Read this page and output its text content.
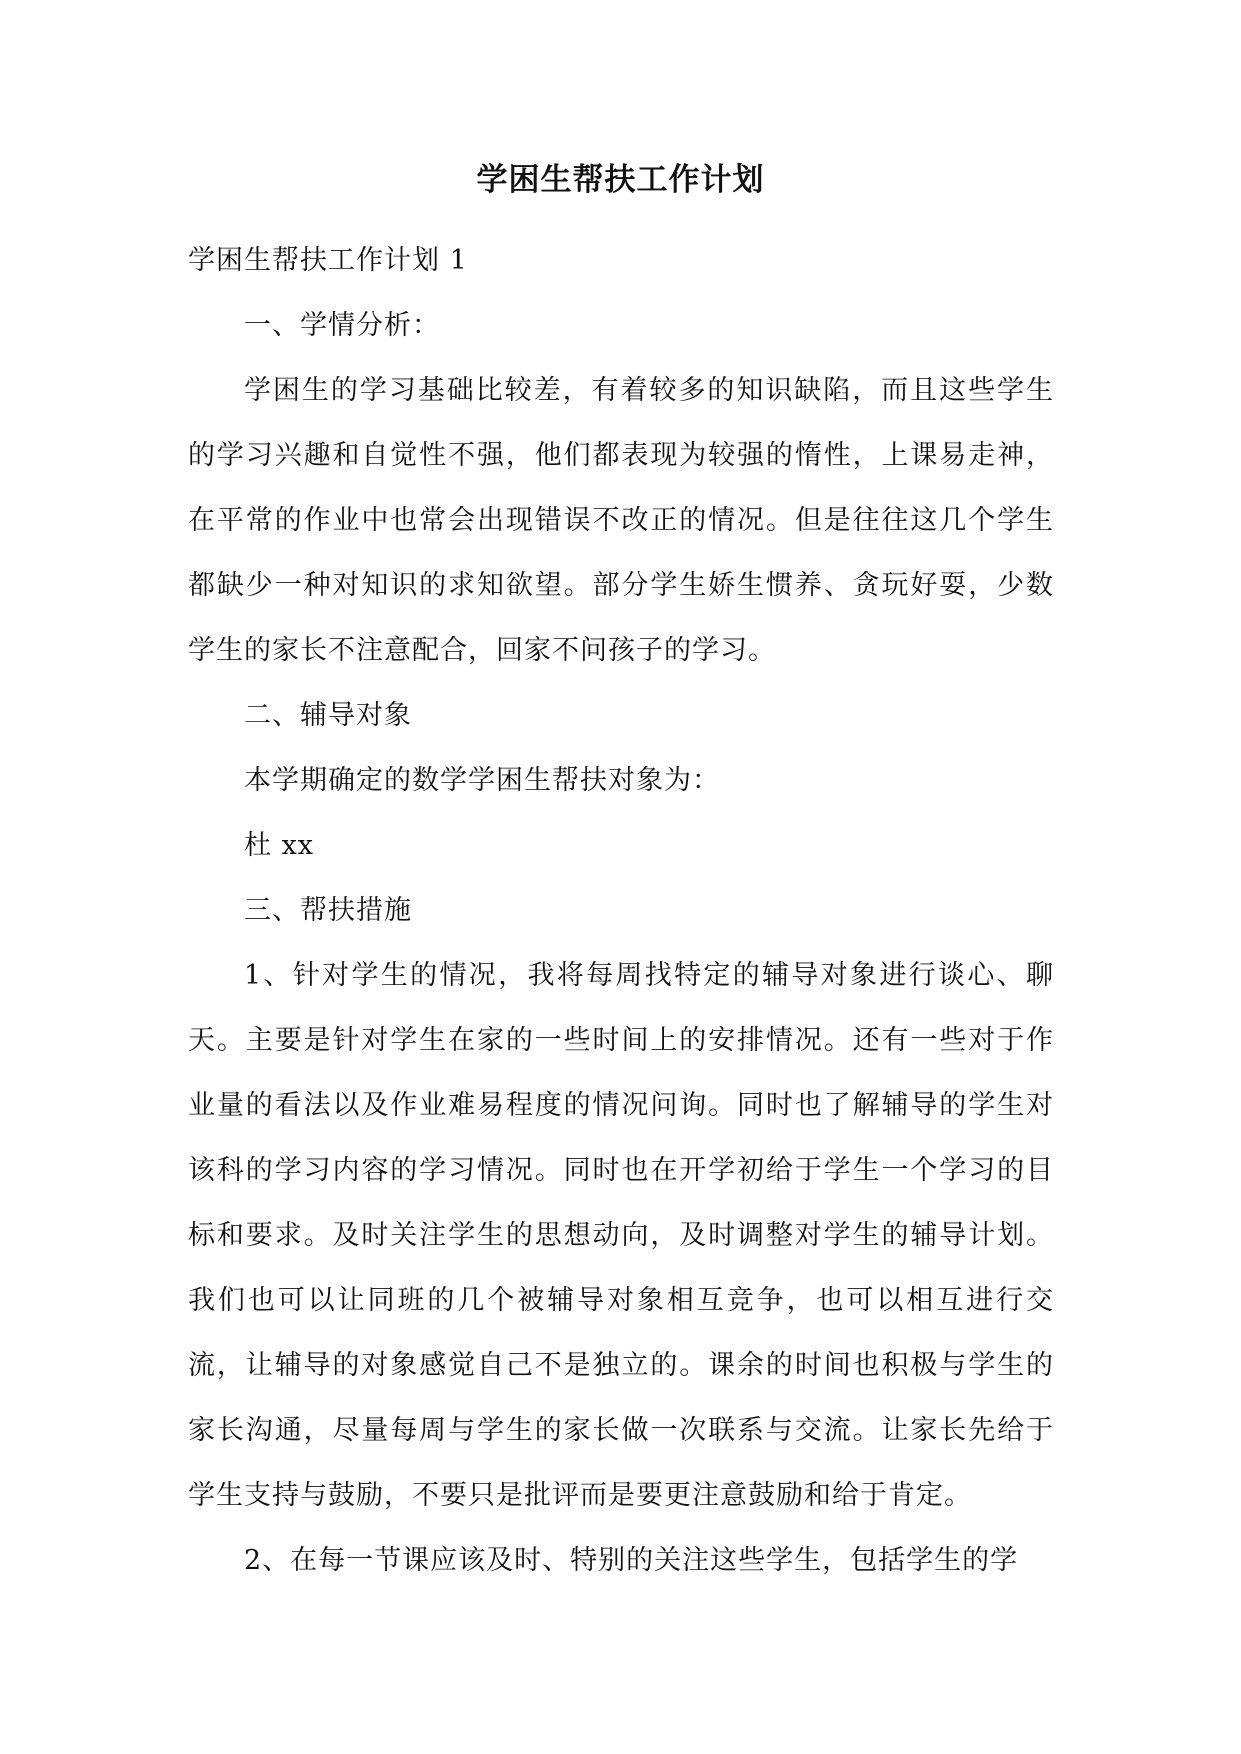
学困生帮扶工作计划

学困生帮扶工作计划 1

一、学情分析：

学困生的学习基础比较差，有着较多的知识缺陷，而且这些学生的学习兴趣和自觉性不强，他们都表现为较强的惰性，上课易走神，在平常的作业中也常会出现错误不改正的情况。但是往往这几个学生都缺少一种对知识的求知欲望。部分学生娇生惯养、贪玩好耍，少数学生的家长不注意配合，回家不问孩子的学习。

二、辅导对象

本学期确定的数学学困生帮扶对象为：

杜 xx

三、帮扶措施

1、针对学生的情况，我将每周找特定的辅导对象进行谈心、聊天。主要是针对学生在家的一些时间上的安排情况。还有一些对于作业量的看法以及作业难易程度的情况问询。同时也了解辅导的学生对该科的学习内容的学习情况。同时也在开学初给于学生一个学习的目标和要求。及时关注学生的思想动向，及时调整对学生的辅导计划。我们也可以让同班的几个被辅导对象相互竞争，也可以相互进行交流，让辅导的对象感觉自己不是独立的。课余的时间也积极与学生的家长沟通，尽量每周与学生的家长做一次联系与交流。让家长先给于学生支持与鼓励，不要只是批评而是要更注意鼓励和给于肯定。

2、在每一节课应该及时、特别的关注这些学生，包括学生的学
